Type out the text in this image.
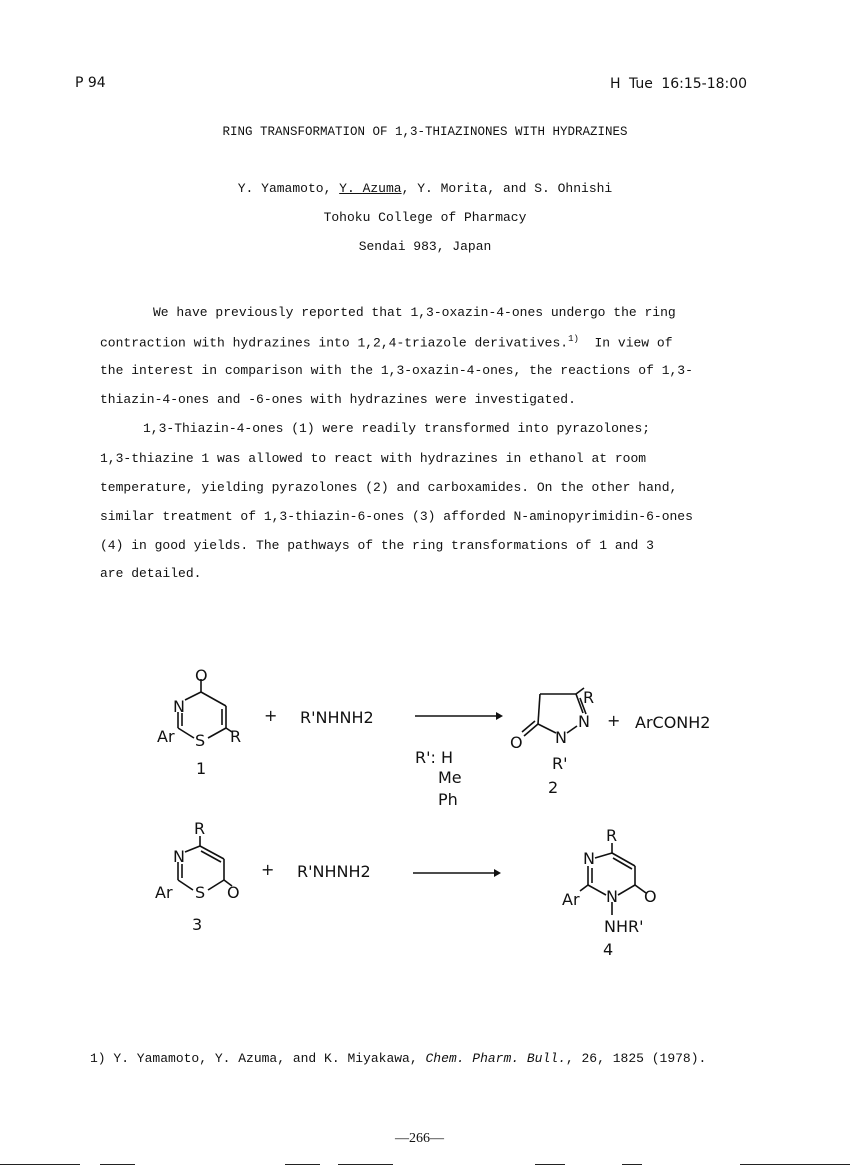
P 94	H Tue 16:15-18:00
RING TRANSFORMATION OF 1,3-THIAZINONES WITH HYDRAZINES
Y. Yamamoto, Y. Azuma, Y. Morita, and S. Ohnishi
Tohoku College of Pharmacy
Sendai 983, Japan
We have previously reported that 1,3-oxazin-4-ones undergo the ring
contraction with hydrazines into 1,2,4-triazole derivatives.$^{1)}$ In view of
the interest in comparison with the 1,3-oxazin-4-ones, the reactions of 1,3-
thiazin-4-ones and -6-ones with hydrazines were investigated.
1,3-Thiazin-4-ones (1) were readily transformed into pyrazolones;
1,3-thiazine 1 was allowed to react with hydrazines in ethanol at room
temperature, yielding pyrazolones (2) and carboxamides. On the other hand,
similar treatment of 1,3-thiazin-6-ones (3) afforded N-aminopyrimidin-6-ones
(4) in good yields. The pathways of the ring transformations of 1 and 3
are detailed.
O
N
S
Ar	R
1
+ R'NHNH2
R': H
Me
Ph
R
N
N
O
R'
2
+ ArCONH2
R
N
S O
Ar
3
+ R'NHNH2
R
N
N O
Ar
NHR'
4
1) Y. Yamamoto, Y. Azuma, and K. Miyakawa, Chem. Pharm. Bull., 26, 1825 (1978).
—266—
